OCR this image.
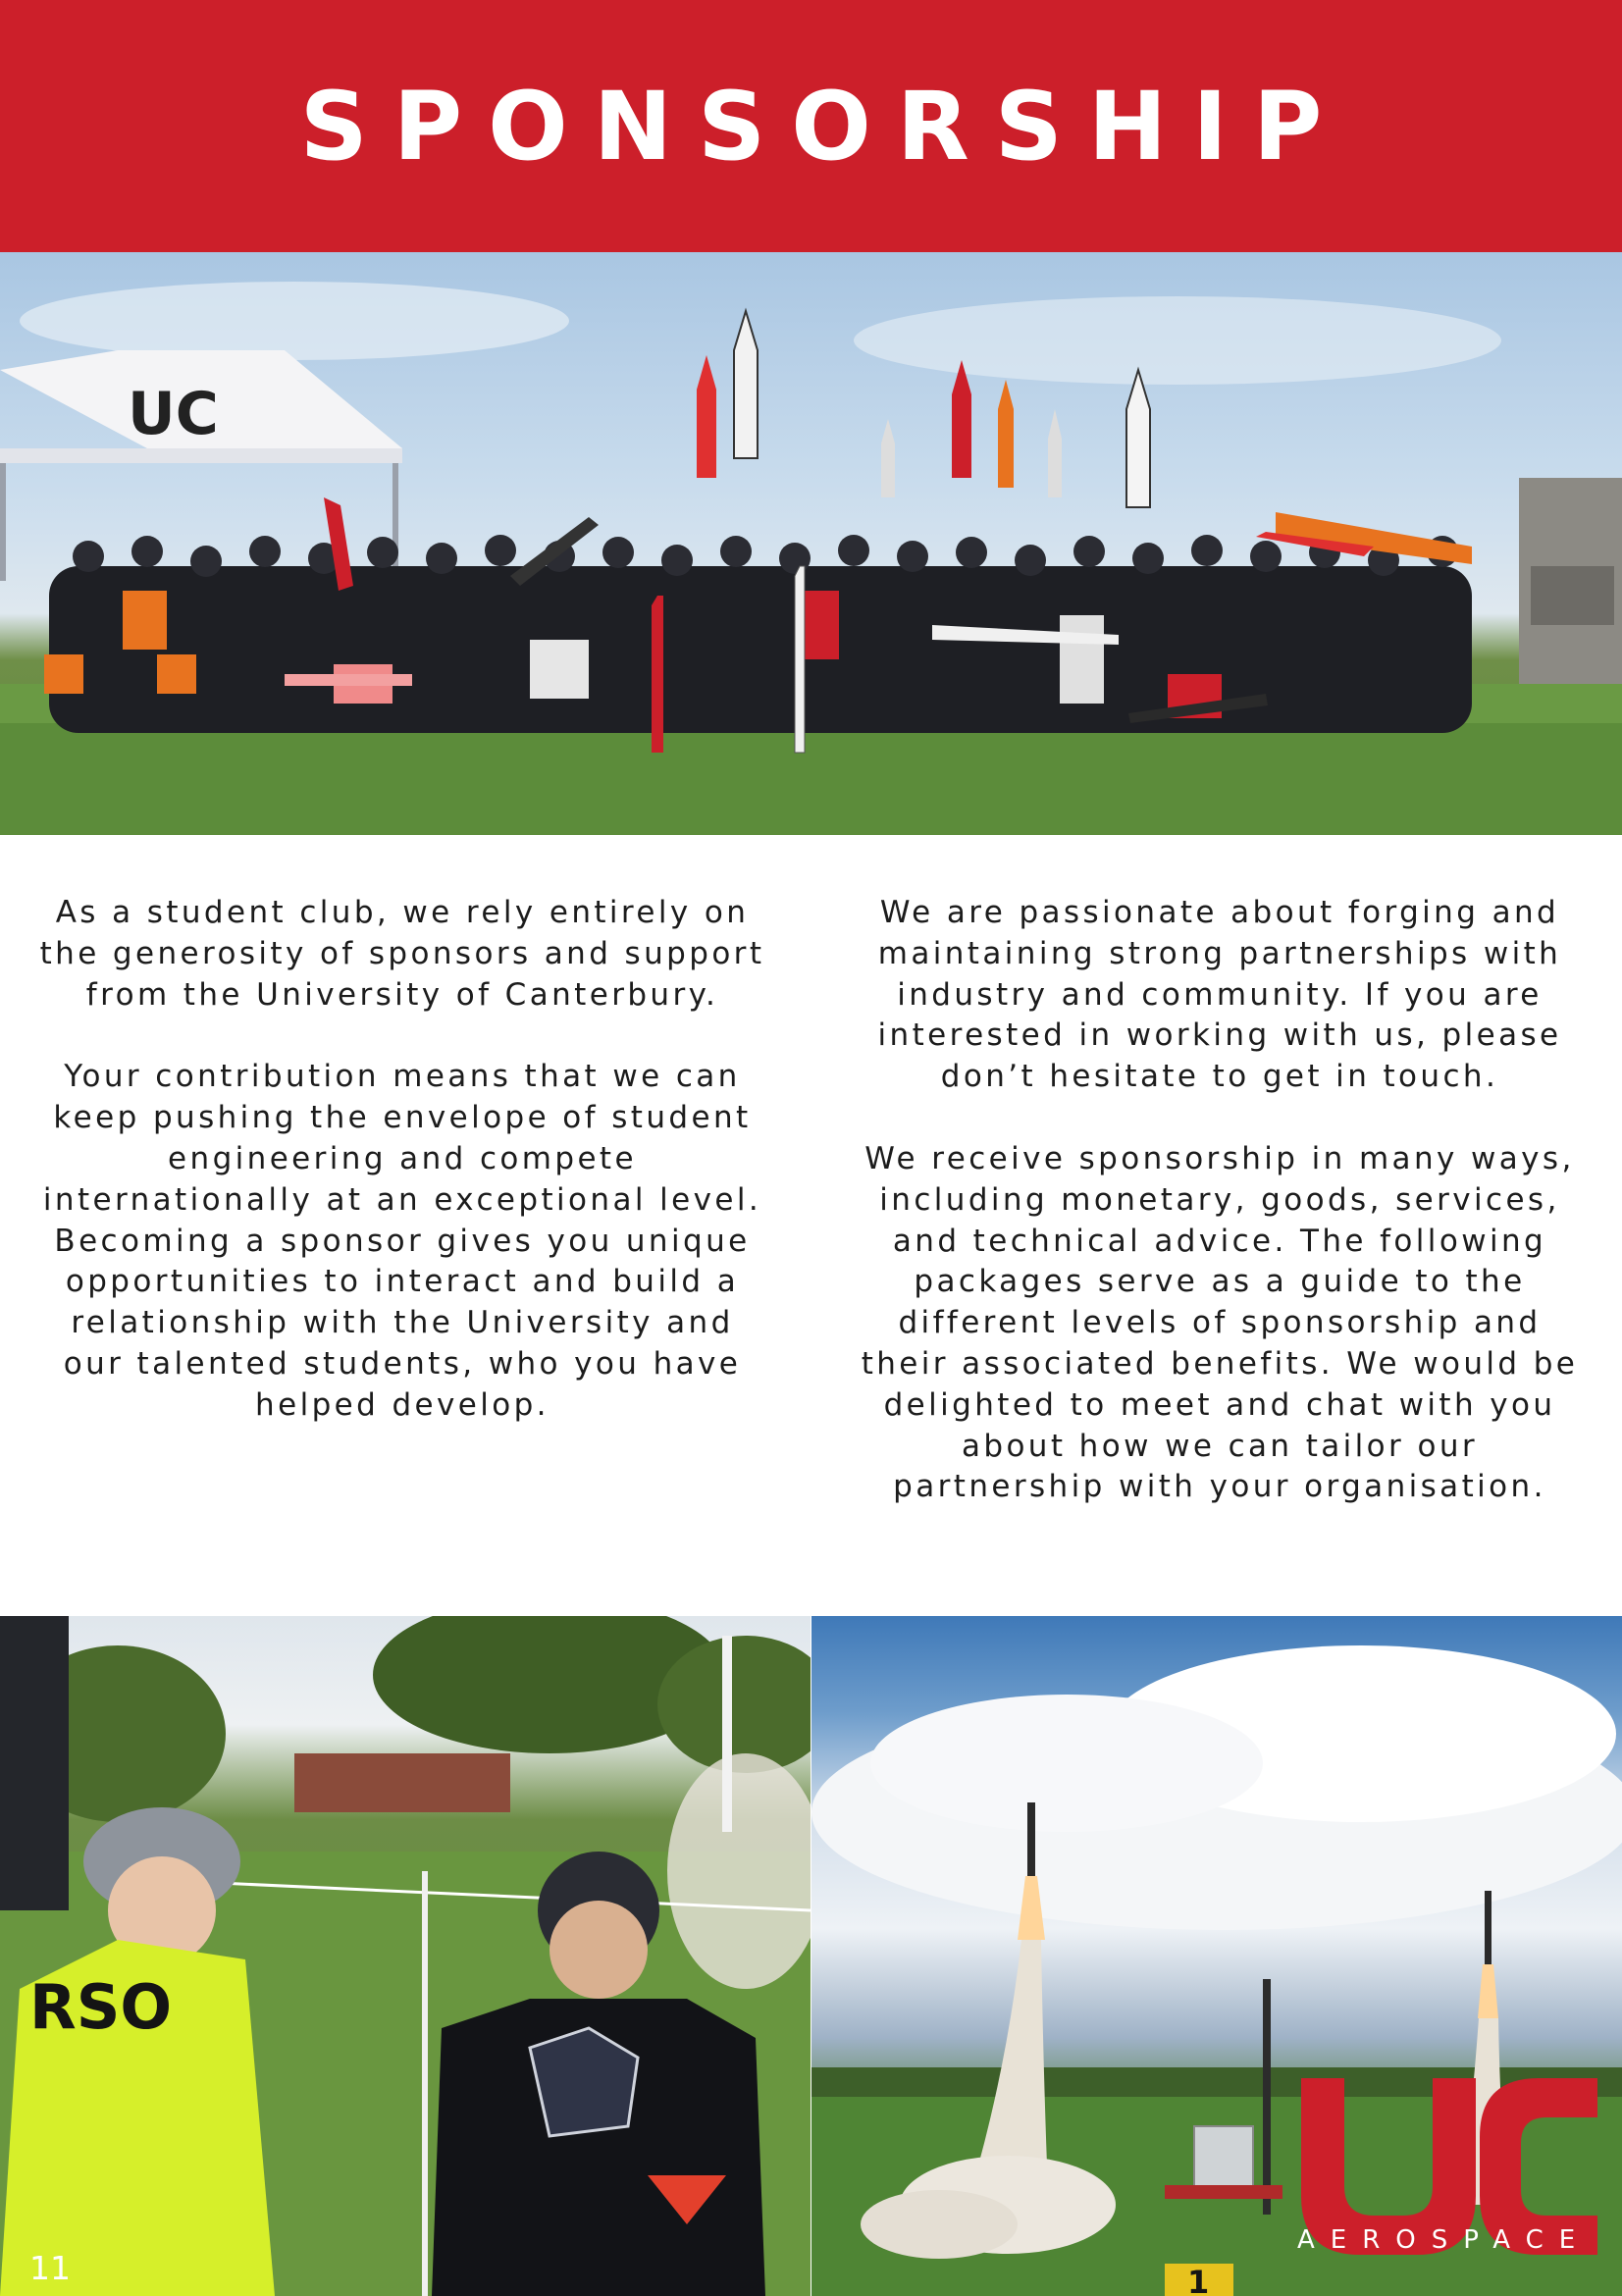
SPONSORSHIP
UC

As a student club, we rely entirely on the generosity of sponsors and support from the University of Canterbury.

Your contribution means that we can keep pushing the envelope of student engineering and compete internationally at an exceptional level. Becoming a sponsor gives you unique opportunities to interact and build a relationship with the University and our talented students, who you have helped develop.

We are passionate about forging and maintaining strong partnerships with industry and community. If you are interested in working with us, please don’t hesitate to get in touch.

We receive sponsorship in many ways, including monetary, goods, services, and technical advice. The following packages serve as a guide to the different levels of sponsorship and their associated benefits. We would be delighted to meet and chat with you about how we can tailor our partnership with your organisation.

RSO
1
11
AEROSPACE
